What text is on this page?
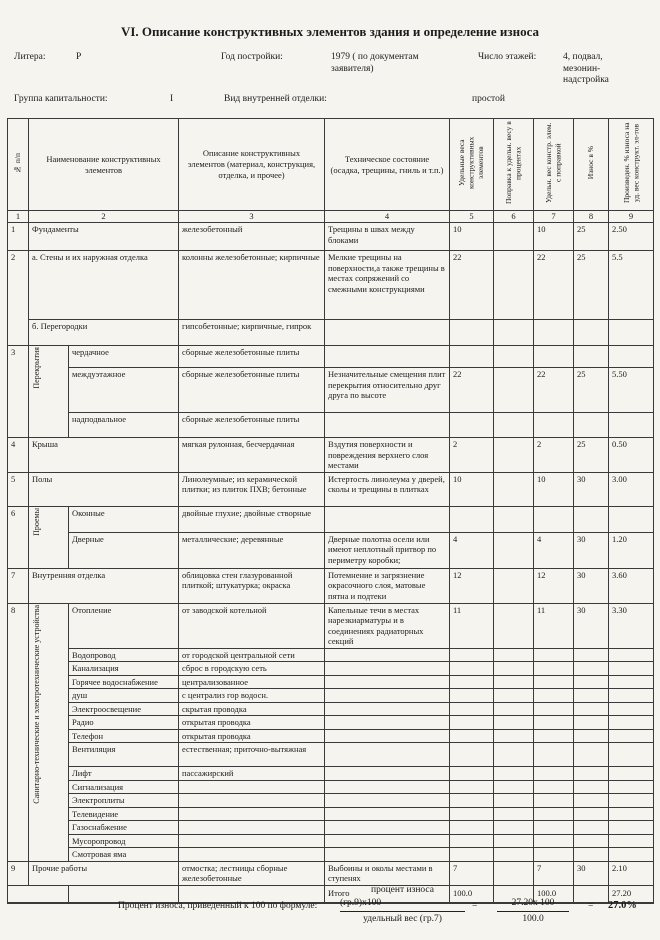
VI. Описание конструктивных элементов здания и определение износа
Литера:	Р	Год постройки:	1979 ( по документам заявителя)
Число этажей:	4, подвал, мезонин-надстройка
Группа капитальности:	I	Вид внутренней отделки:	простой
№ п/п	Наименование конструктивных элементов		Описание конструктивных элементов (материал, конструкция, отделка, и прочее)	Техническое состояние (осадка, трещины, гниль и т.п.)	Удельные веса конструктивных элементов	Поправка к удельн. весу в процентах	Удельн. вес констр. элем. с поправкой	Износ в %	Произведен. % износа на уд. вес конструкт. эл-тов
1	2		3	4	5	6	7	8	9
1	Фундаменты		железобетонный	Трещины в швах между блоками	10		10	25	2.50
2	а. Стены и их наружная отделка		колонны железобетонные; кирпичные	Мелкие трещины на поверхности,а также трещины в местах сопряжений со смежными конструкциями	22		22	25	5.5
	б. Перегородки		гипсобетонные; кирпичные, гипрок						
3	Перекрытия	чердачное	сборные железобетонные плиты						
		междуэтажное	сборные железобетонные плиты	Незначительные смещения плит перекрытия относительно друг друга по высоте	22		22	25	5.50
		надподвальное	сборные железобетонные плиты						
4	Крыша		мягкая рулонная, бесчердачная	Вздутия поверхности и повреждения верхнего слоя местами	2		2	25	0.50
5	Полы		Линолеумные; из керамической плитки; из плиток ПХВ; бетонные	Истертость линолеума у дверей, сколы и трещины в плитках	10		10	30	3.00
6	Проемы	Оконные	двойные глухие; двойные створные						
		Дверные	металлические; деревянные	Дверные полотна осели или имеют неплотный притвор по периметру коробки;	4		4	30	1.20
7	Внутренняя отделка		облицовка стен глазурованной плиткой; штукатурка; окраска	Потемнение и загрязнение окрасочного слоя, матовые пятна и подтеки	12		12	30	3.60
8	Санитарно-технические и электротехнические устройства	Отопление	от заводской котельной	Капельные течи в местах нарезкиарматуры и в соединениях радиаторных секций	11		11	30	3.30
		Водопровод	от городской центральной сети						
		Канализация	сброс в городскую сеть						
		Горячее водоснабжение	централизованное						
		душ	с централиз гор водосн.						
		Электроосвещение	скрытая проводка						
		Радио	открытая проводка						
		Телефон	открытая проводка						
		Вентиляция	естественная; приточно-вытяжная						
		Лифт	пассажирский						
		Сигнализация							
		Электроплиты							
		Телевидение							
		Газоснабжение							
		Мусоропровод							
		Смотровая яма							
9	Прочие работы		отмостка; лестницы сборные железобетонные	Выбоины и околы местами в ступенях	7		7	30	2.10
				Итого	100.0		100.0		27.20
процент износа
Процент износа, приведенный к 100 по формуле: (гр.9)х100
удельный вес (гр.7)
=	27.20х 100
100.0
= 27.0%
